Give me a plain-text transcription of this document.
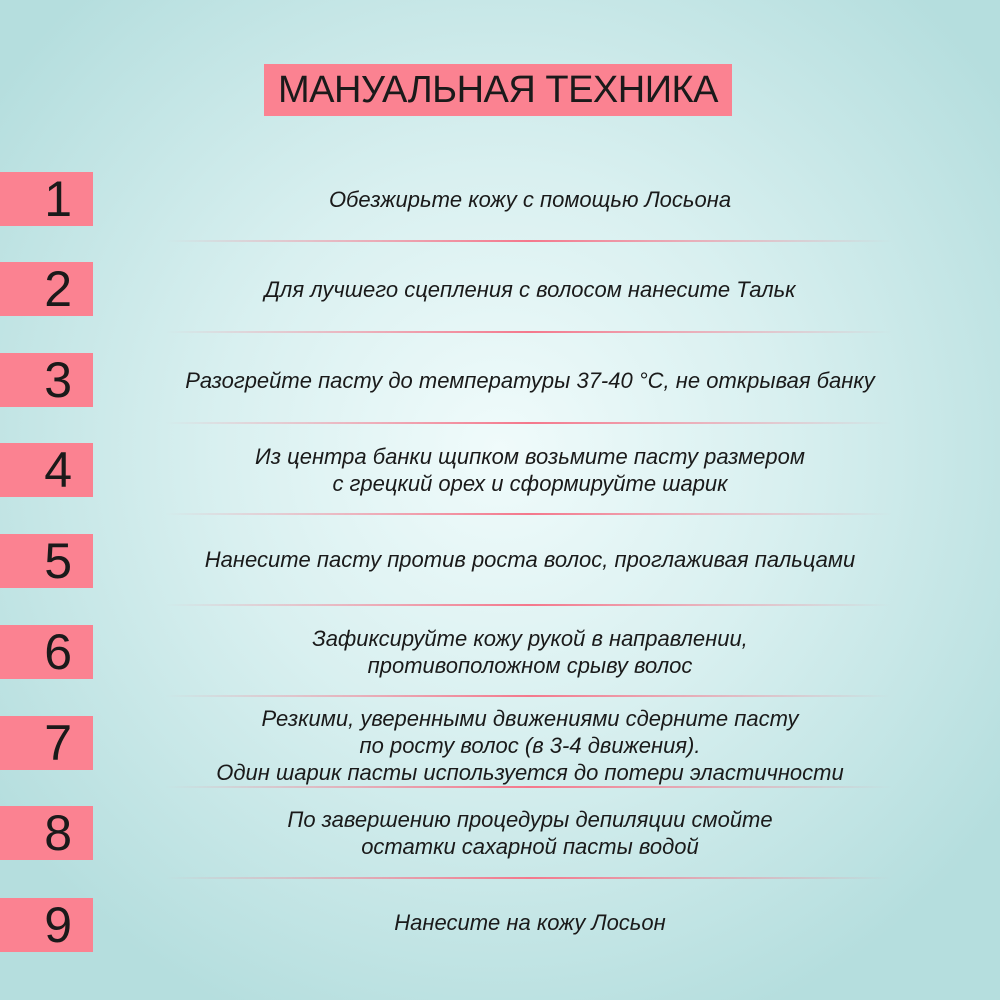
МАНУАЛЬНАЯ ТЕХНИКА
1	Обезжирьте кожу с помощью Лосьона
2	Для лучшего сцепления с волосом нанесите Тальк
3	Разогрейте пасту до температуры 37-40 °C, не открывая банку
4	Из центра банки щипком возьмите пасту размером
с грецкий орех и сформируйте шарик
5	Нанесите пасту против роста волос, проглаживая пальцами
6	Зафиксируйте кожу рукой в направлении,
противоположном срыву волос
7	Резкими, уверенными движениями сдерните пасту
по росту волос (в 3-4 движения).
Один шарик пасты используется до потери эластичности
8	По завершению процедуры депиляции смойте
остатки сахарной пасты водой
9	Нанесите на кожу Лосьон
